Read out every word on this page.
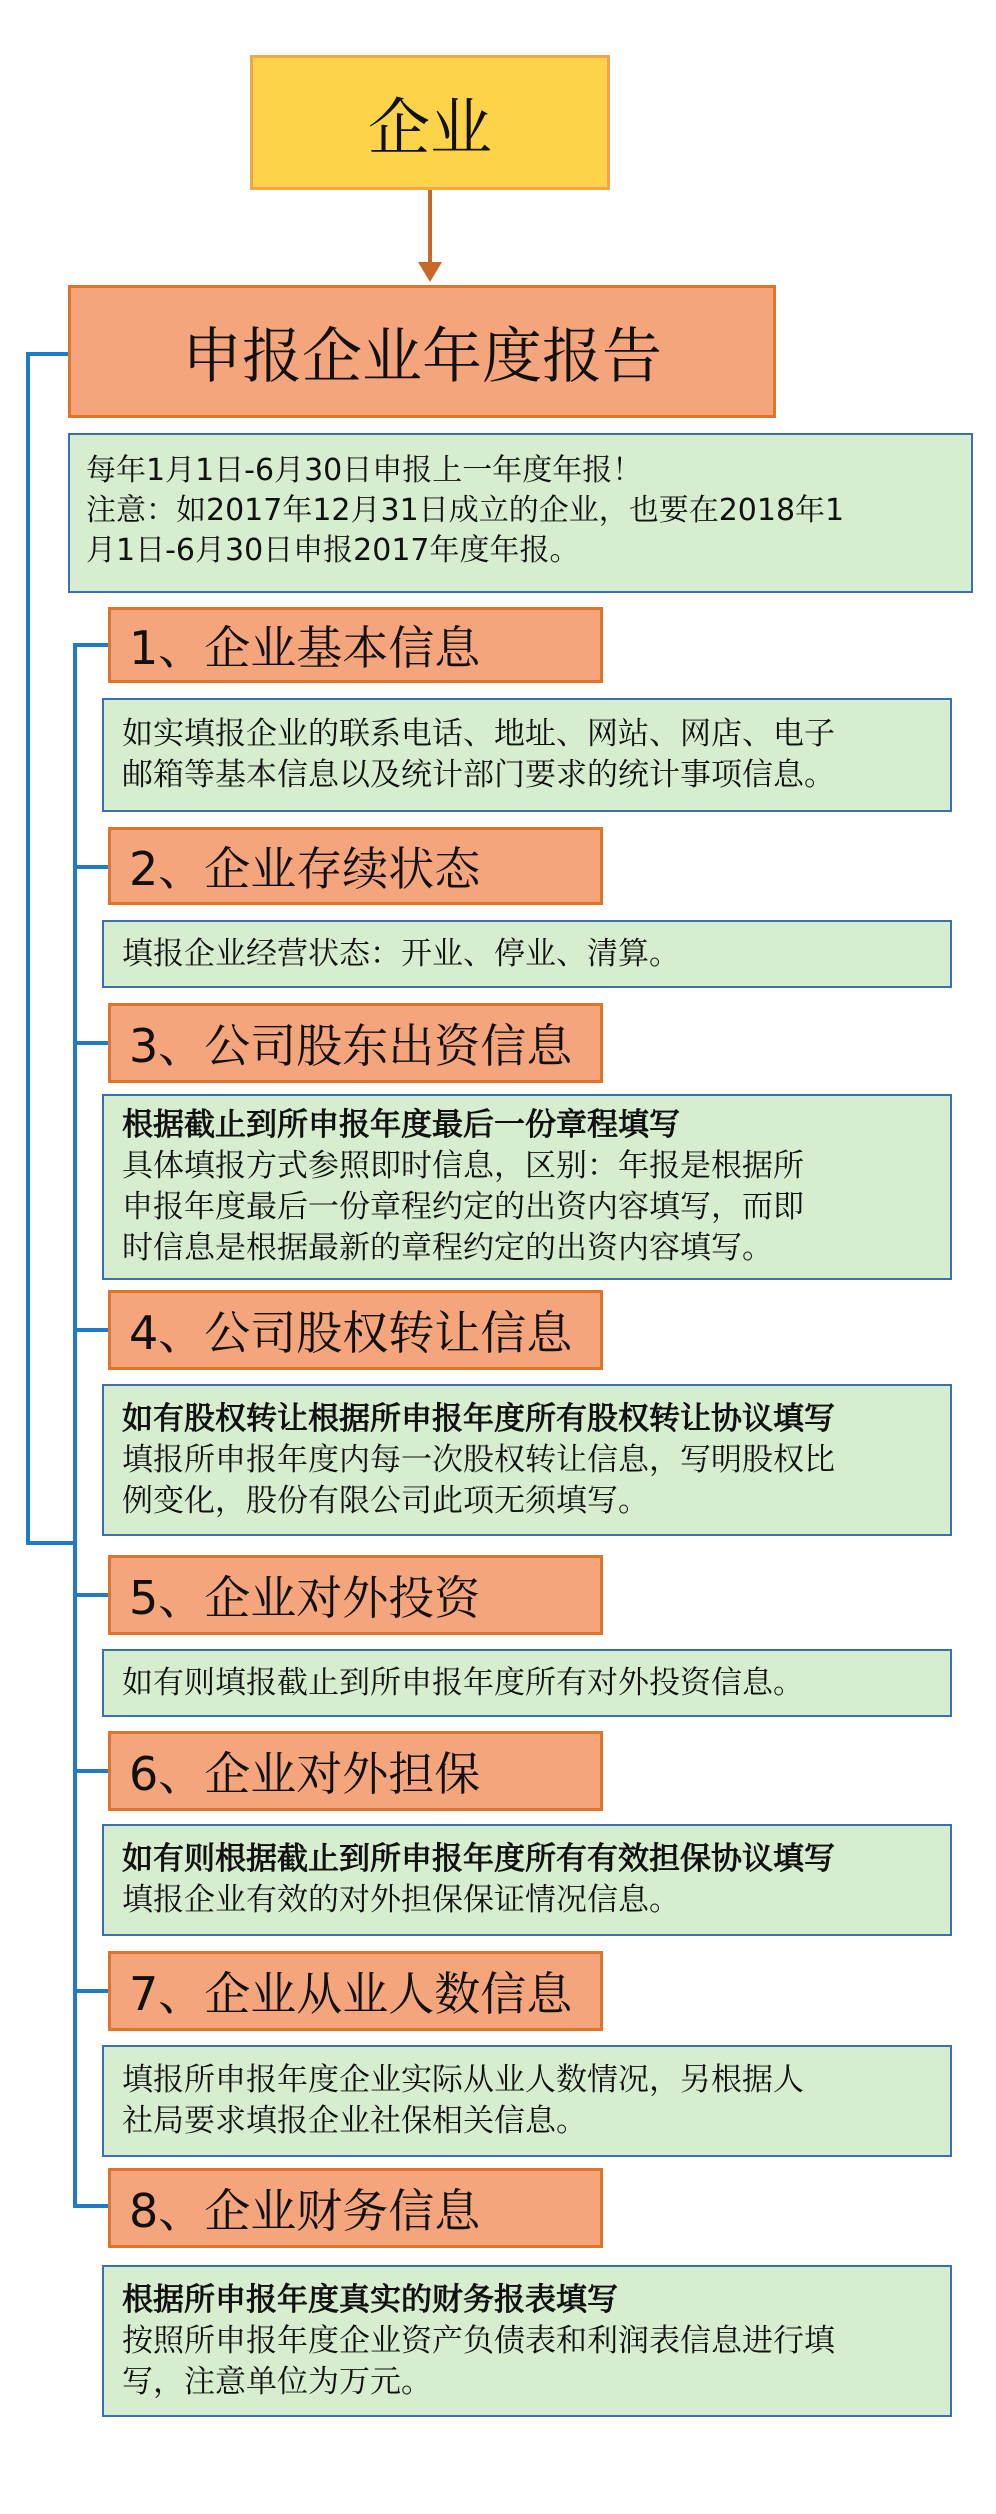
企业
申报企业年度报告
每年1月1日-6月30日申报上一年度年报！
注意：如2017年12月31日成立的企业，也要在2018年1
月1日-6月30日申报2017年度年报。
1、企业基本信息
如实填报企业的联系电话、地址、网站、网店、电子
邮箱等基本信息以及统计部门要求的统计事项信息。
2、企业存续状态
填报企业经营状态：开业、停业、清算。
3、公司股东出资信息
根据截止到所申报年度最后一份章程填写
具体填报方式参照即时信息，区别：年报是根据所
申报年度最后一份章程约定的出资内容填写，而即
时信息是根据最新的章程约定的出资内容填写。
4、公司股权转让信息
如有股权转让根据所申报年度所有股权转让协议填写
填报所申报年度内每一次股权转让信息，写明股权比
例变化，股份有限公司此项无须填写。
5、企业对外投资
如有则填报截止到所申报年度所有对外投资信息。
6、企业对外担保
如有则根据截止到所申报年度所有有效担保协议填写
填报企业有效的对外担保保证情况信息。
7、企业从业人数信息
填报所申报年度企业实际从业人数情况，另根据人
社局要求填报企业社保相关信息。
8、企业财务信息
根据所申报年度真实的财务报表填写
按照所申报年度企业资产负债表和利润表信息进行填
写，注意单位为万元。
